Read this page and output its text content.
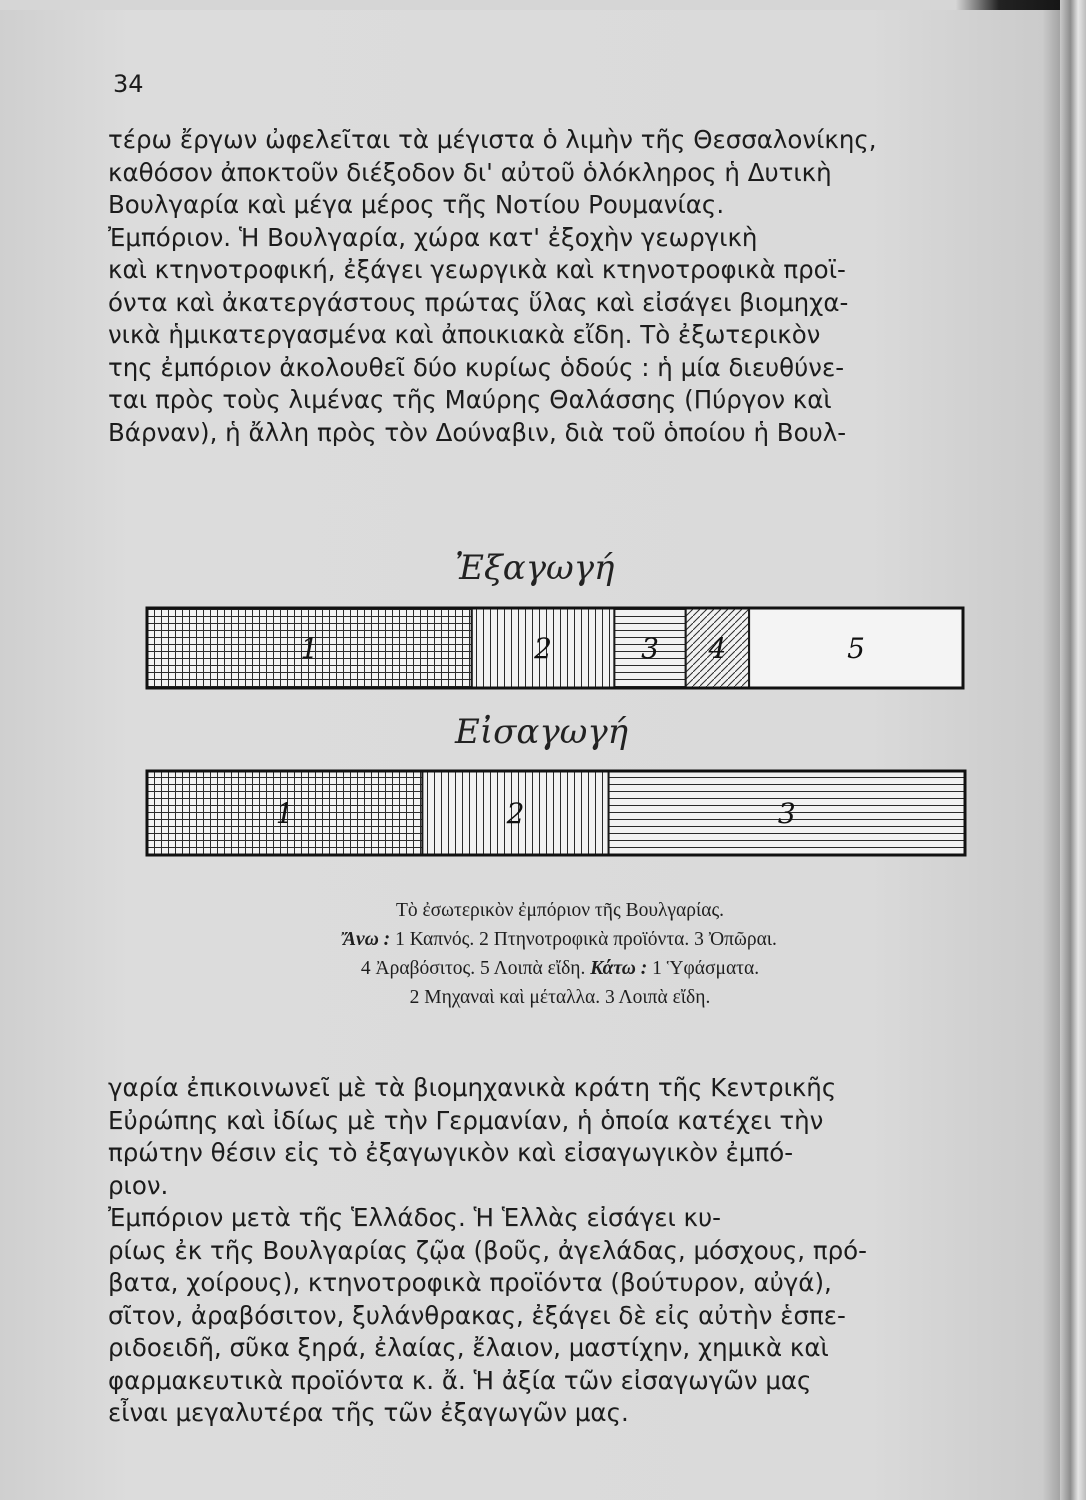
34
τέρω ἔργων ὠφελεῖται τὰ μέγιστα ὁ λιμὴν τῆς Θεσσαλονίκης,
καθόσον ἀποκτοῦν διέξοδον δι' αὐτοῦ ὁλόκληρος ἡ Δυτικὴ
Βουλγαρία καὶ μέγα μέρος τῆς Νοτίου Ρουμανίας.
Ἐμπόριον. Ἡ Βουλγαρία, χώρα κατ' ἐξοχὴν γεωργικὴ
καὶ κτηνοτροφική, ἐξάγει γεωργικὰ καὶ κτηνοτροφικὰ προϊ-
όντα καὶ ἀκατεργάστους πρώτας ὕλας καὶ εἰσάγει βιομηχα-
νικὰ ἡμικατεργασμένα καὶ ἀποικιακὰ εἴδη. Τὸ ἐξωτερικὸν
της ἐμπόριον ἀκολουθεῖ δύο κυρίως ὁδούς : ἡ μία διευθύνε-
ται πρὸς τοὺς λιμένας τῆς Μαύρης Θαλάσσης (Πύργον καὶ
Βάρναν), ἡ ἄλλη πρὸς τὸν Δούναβιν, διὰ τοῦ ὁποίου ἡ Βουλ-
Ἐξαγωγή
Εἰσαγωγή
1	2	3 4	5
1	2	3
Τὸ ἐσωτερικὸν ἐμπόριον τῆς Βουλγαρίας.
Ἄνω : 1 Καπνός. 2 Πτηνοτροφικὰ προϊόντα. 3 Ὀπῶραι.
4 Ἀραβόσιτος. 5 Λοιπὰ εἴδη. Κάτω : 1 Ὑφάσματα.
2 Μηχαναὶ καὶ μέταλλα. 3 Λοιπὰ εἴδη.
γαρία ἐπικοινωνεῖ μὲ τὰ βιομηχανικὰ κράτη τῆς Κεντρικῆς
Εὐρώπης καὶ ἰδίως μὲ τὴν Γερμανίαν, ἡ ὁποία κατέχει τὴν
πρώτην θέσιν εἰς τὸ ἐξαγωγικὸν καὶ εἰσαγωγικὸν ἐμπό-
ριον.
Ἐμπόριον μετὰ τῆς Ἑλλάδος. Ἡ Ἑλλὰς εἰσάγει κυ-
ρίως ἐκ τῆς Βουλγαρίας ζῷα (βοῦς, ἀγελάδας, μόσχους, πρό-
βατα, χοίρους), κτηνοτροφικὰ προϊόντα (βούτυρον, αὐγά),
σῖτον, ἀραβόσιτον, ξυλάνθρακας, ἐξάγει δὲ εἰς αὐτὴν ἑσπε-
ριδοειδῆ, σῦκα ξηρά, ἐλαίας, ἔλαιον, μαστίχην, χημικὰ καὶ
φαρμακευτικὰ προϊόντα κ. ἄ. Ἡ ἀξία τῶν εἰσαγωγῶν μας
εἶναι μεγαλυτέρα τῆς τῶν ἐξαγωγῶν μας.
